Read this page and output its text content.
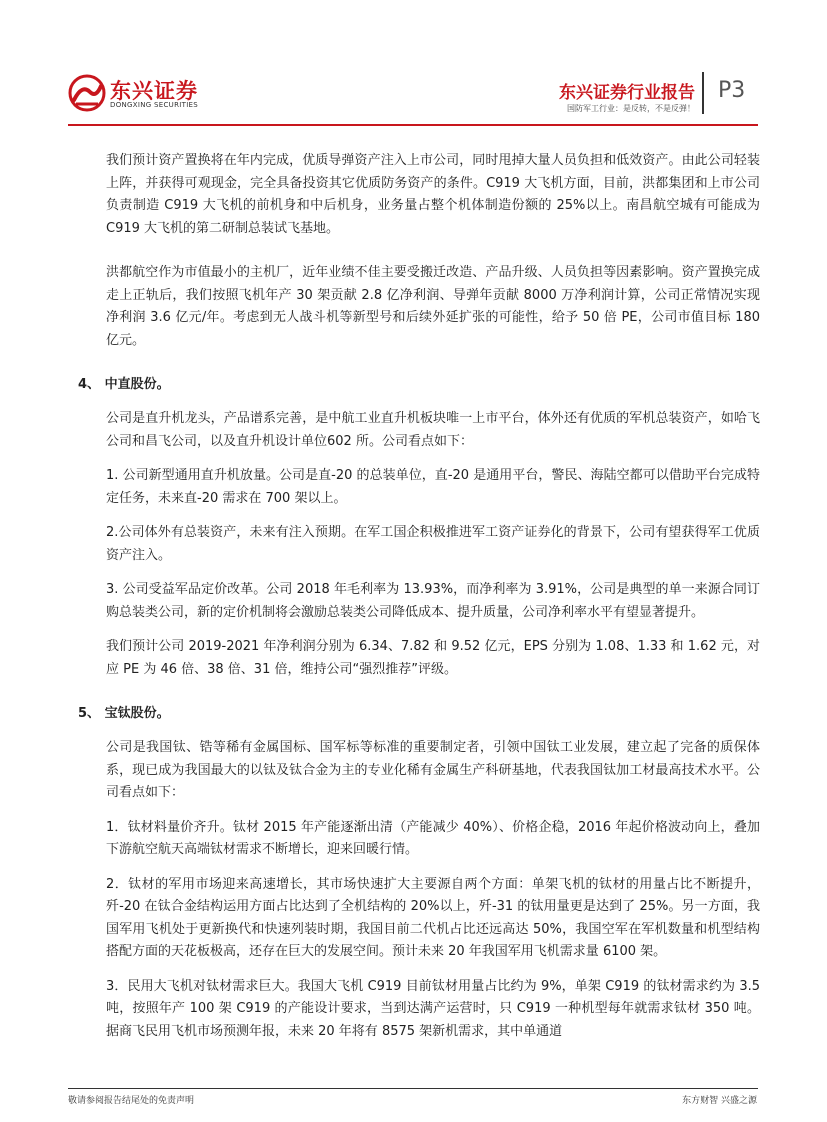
东兴证券
DONGXING SECURITIES
东兴证券行业报告
国防军工行业：是反转，不是反弹！
P3

我们预计资产置换将在年内完成，优质导弹资产注入上市公司，同时甩掉大量人员负担和低效资产。由此公司轻装上阵，并获得可观现金，完全具备投资其它优质防务资产的条件。C919 大飞机方面，目前，洪都集团和上市公司负责制造 C919 大飞机的前机身和中后机身，业务量占整个机体制造份额的 25%以上。南昌航空城有可能成为 C919 大飞机的第二研制总装试飞基地。

洪都航空作为市值最小的主机厂，近年业绩不佳主要受搬迁改造、产品升级、人员负担等因素影响。资产置换完成走上正轨后，我们按照飞机年产 30 架贡献 2.8 亿净利润、导弹年贡献 8000 万净利润计算，公司正常情况实现净利润 3.6 亿元/年。考虑到无人战斗机等新型号和后续外延扩张的可能性，给予 50 倍 PE，公司市值目标 180 亿元。

4、 中直股份。

公司是直升机龙头，产品谱系完善，是中航工业直升机板块唯一上市平台，体外还有优质的军机总装资产，如哈飞公司和昌飞公司，以及直升机设计单位602 所。公司看点如下：

1. 公司新型通用直升机放量。公司是直-20 的总装单位，直-20 是通用平台，警民、海陆空都可以借助平台完成特定任务，未来直-20 需求在 700 架以上。

2.公司体外有总装资产，未来有注入预期。在军工国企积极推进军工资产证券化的背景下，公司有望获得军工优质资产注入。

3. 公司受益军品定价改革。公司 2018 年毛利率为 13.93%，而净利率为 3.91%，公司是典型的单一来源合同订购总装类公司，新的定价机制将会激励总装类公司降低成本、提升质量，公司净利率水平有望显著提升。

我们预计公司 2019-2021 年净利润分别为 6.34、7.82 和 9.52 亿元，EPS 分别为 1.08、1.33 和 1.62 元，对应 PE 为 46 倍、38 倍、31 倍，维持公司“强烈推荐”评级。

5、 宝钛股份。

公司是我国钛、锆等稀有金属国标、国军标等标准的重要制定者，引领中国钛工业发展，建立起了完备的质保体系，现已成为我国最大的以钛及钛合金为主的专业化稀有金属生产科研基地，代表我国钛加工材最高技术水平。公司看点如下：

1．钛材料量价齐升。钛材 2015 年产能逐渐出清（产能减少 40%）、价格企稳，2016 年起价格波动向上，叠加下游航空航天高端钛材需求不断增长，迎来回暖行情。

2．钛材的军用市场迎来高速增长，其市场快速扩大主要源自两个方面：单架飞机的钛材的用量占比不断提升，歼-20 在钛合金结构运用方面占比达到了全机结构的 20%以上，歼-31 的钛用量更是达到了 25%。另一方面，我国军用飞机处于更新换代和快速列装时期，我国目前二代机占比还远高达 50%，我国空军在军机数量和机型结构搭配方面的天花板极高，还存在巨大的发展空间。预计未来 20 年我国军用飞机需求量 6100 架。

3．民用大飞机对钛材需求巨大。我国大飞机 C919 目前钛材用量占比约为 9%，单架 C919 的钛材需求约为 3.5 吨，按照年产 100 架 C919 的产能设计要求，当到达满产运营时，只 C919 一种机型每年就需求钛材 350 吨。据商飞民用飞机市场预测年报，未来 20 年将有 8575 架新机需求，其中单通道

敬请参阅报告结尾处的免责声明	东方财智 兴盛之源
